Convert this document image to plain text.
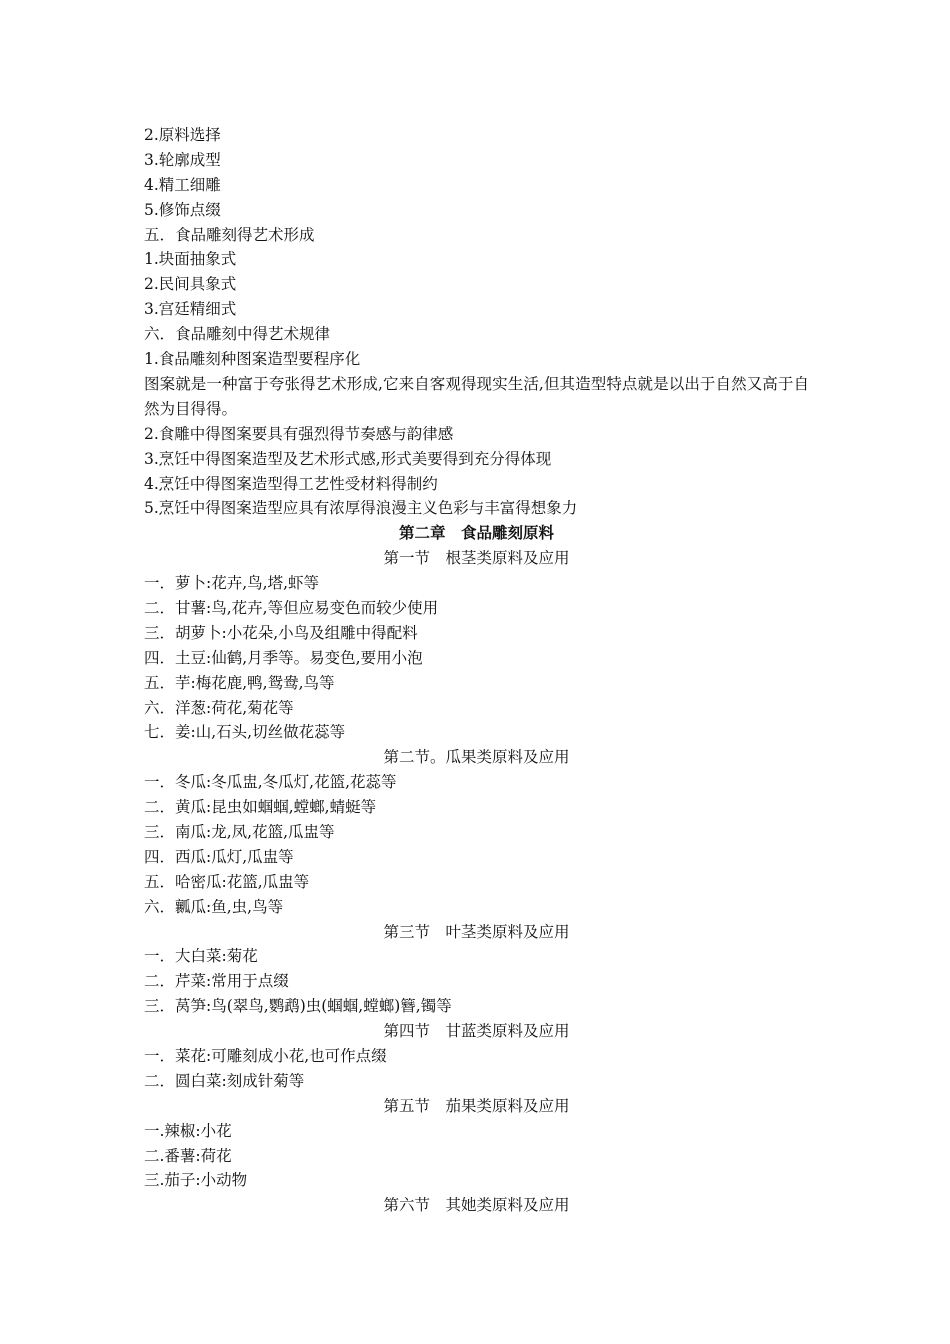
2.原料选择
3.轮廓成型
4.精工细雕
5.修饰点缀
五．食品雕刻得艺术形成
1.块面抽象式
2.民间具象式
3.宫廷精细式
六．食品雕刻中得艺术规律
1.食品雕刻种图案造型要程序化
图案就是一种富于夸张得艺术形成,它来自客观得现实生活,但其造型特点就是以出于自然又高于自然为目得得。
2.食雕中得图案要具有强烈得节奏感与韵律感
3.烹饪中得图案造型及艺术形式感,形式美要得到充分得体现
4.烹饪中得图案造型得工艺性受材料得制约
5.烹饪中得图案造型应具有浓厚得浪漫主义色彩与丰富得想象力
第二章　食品雕刻原料
第一节　根茎类原料及应用
一．萝卜:花卉,鸟,塔,虾等
二．甘薯:鸟,花卉,等但应易变色而较少使用
三．胡萝卜:小花朵,小鸟及组雕中得配料
四．土豆:仙鹤,月季等。易变色,要用小泡
五．芋:梅花鹿,鸭,鸳鸯,鸟等
六．洋葱:荷花,菊花等
七．姜:山,石头,切丝做花蕊等
第二节。瓜果类原料及应用
一．冬瓜:冬瓜盅,冬瓜灯,花篮,花蕊等
二．黄瓜:昆虫如蝈蝈,螳螂,蜻蜓等
三．南瓜:龙,凤,花篮,瓜盅等
四．西瓜:瓜灯,瓜盅等
五．哈密瓜:花篮,瓜盅等
六．瓤瓜:鱼,虫,鸟等
第三节　叶茎类原料及应用
一．大白菜:菊花
二．芹菜:常用于点缀
三．莴笋:鸟(翠鸟,鹦鹉)虫(蝈蝈,螳螂)簪,镯等
第四节　甘蓝类原料及应用
一．菜花:可雕刻成小花,也可作点缀
二．圆白菜:刻成针菊等
第五节　茄果类原料及应用
一.辣椒:小花
二.番薯:荷花
三.茄子:小动物
第六节　其她类原料及应用
